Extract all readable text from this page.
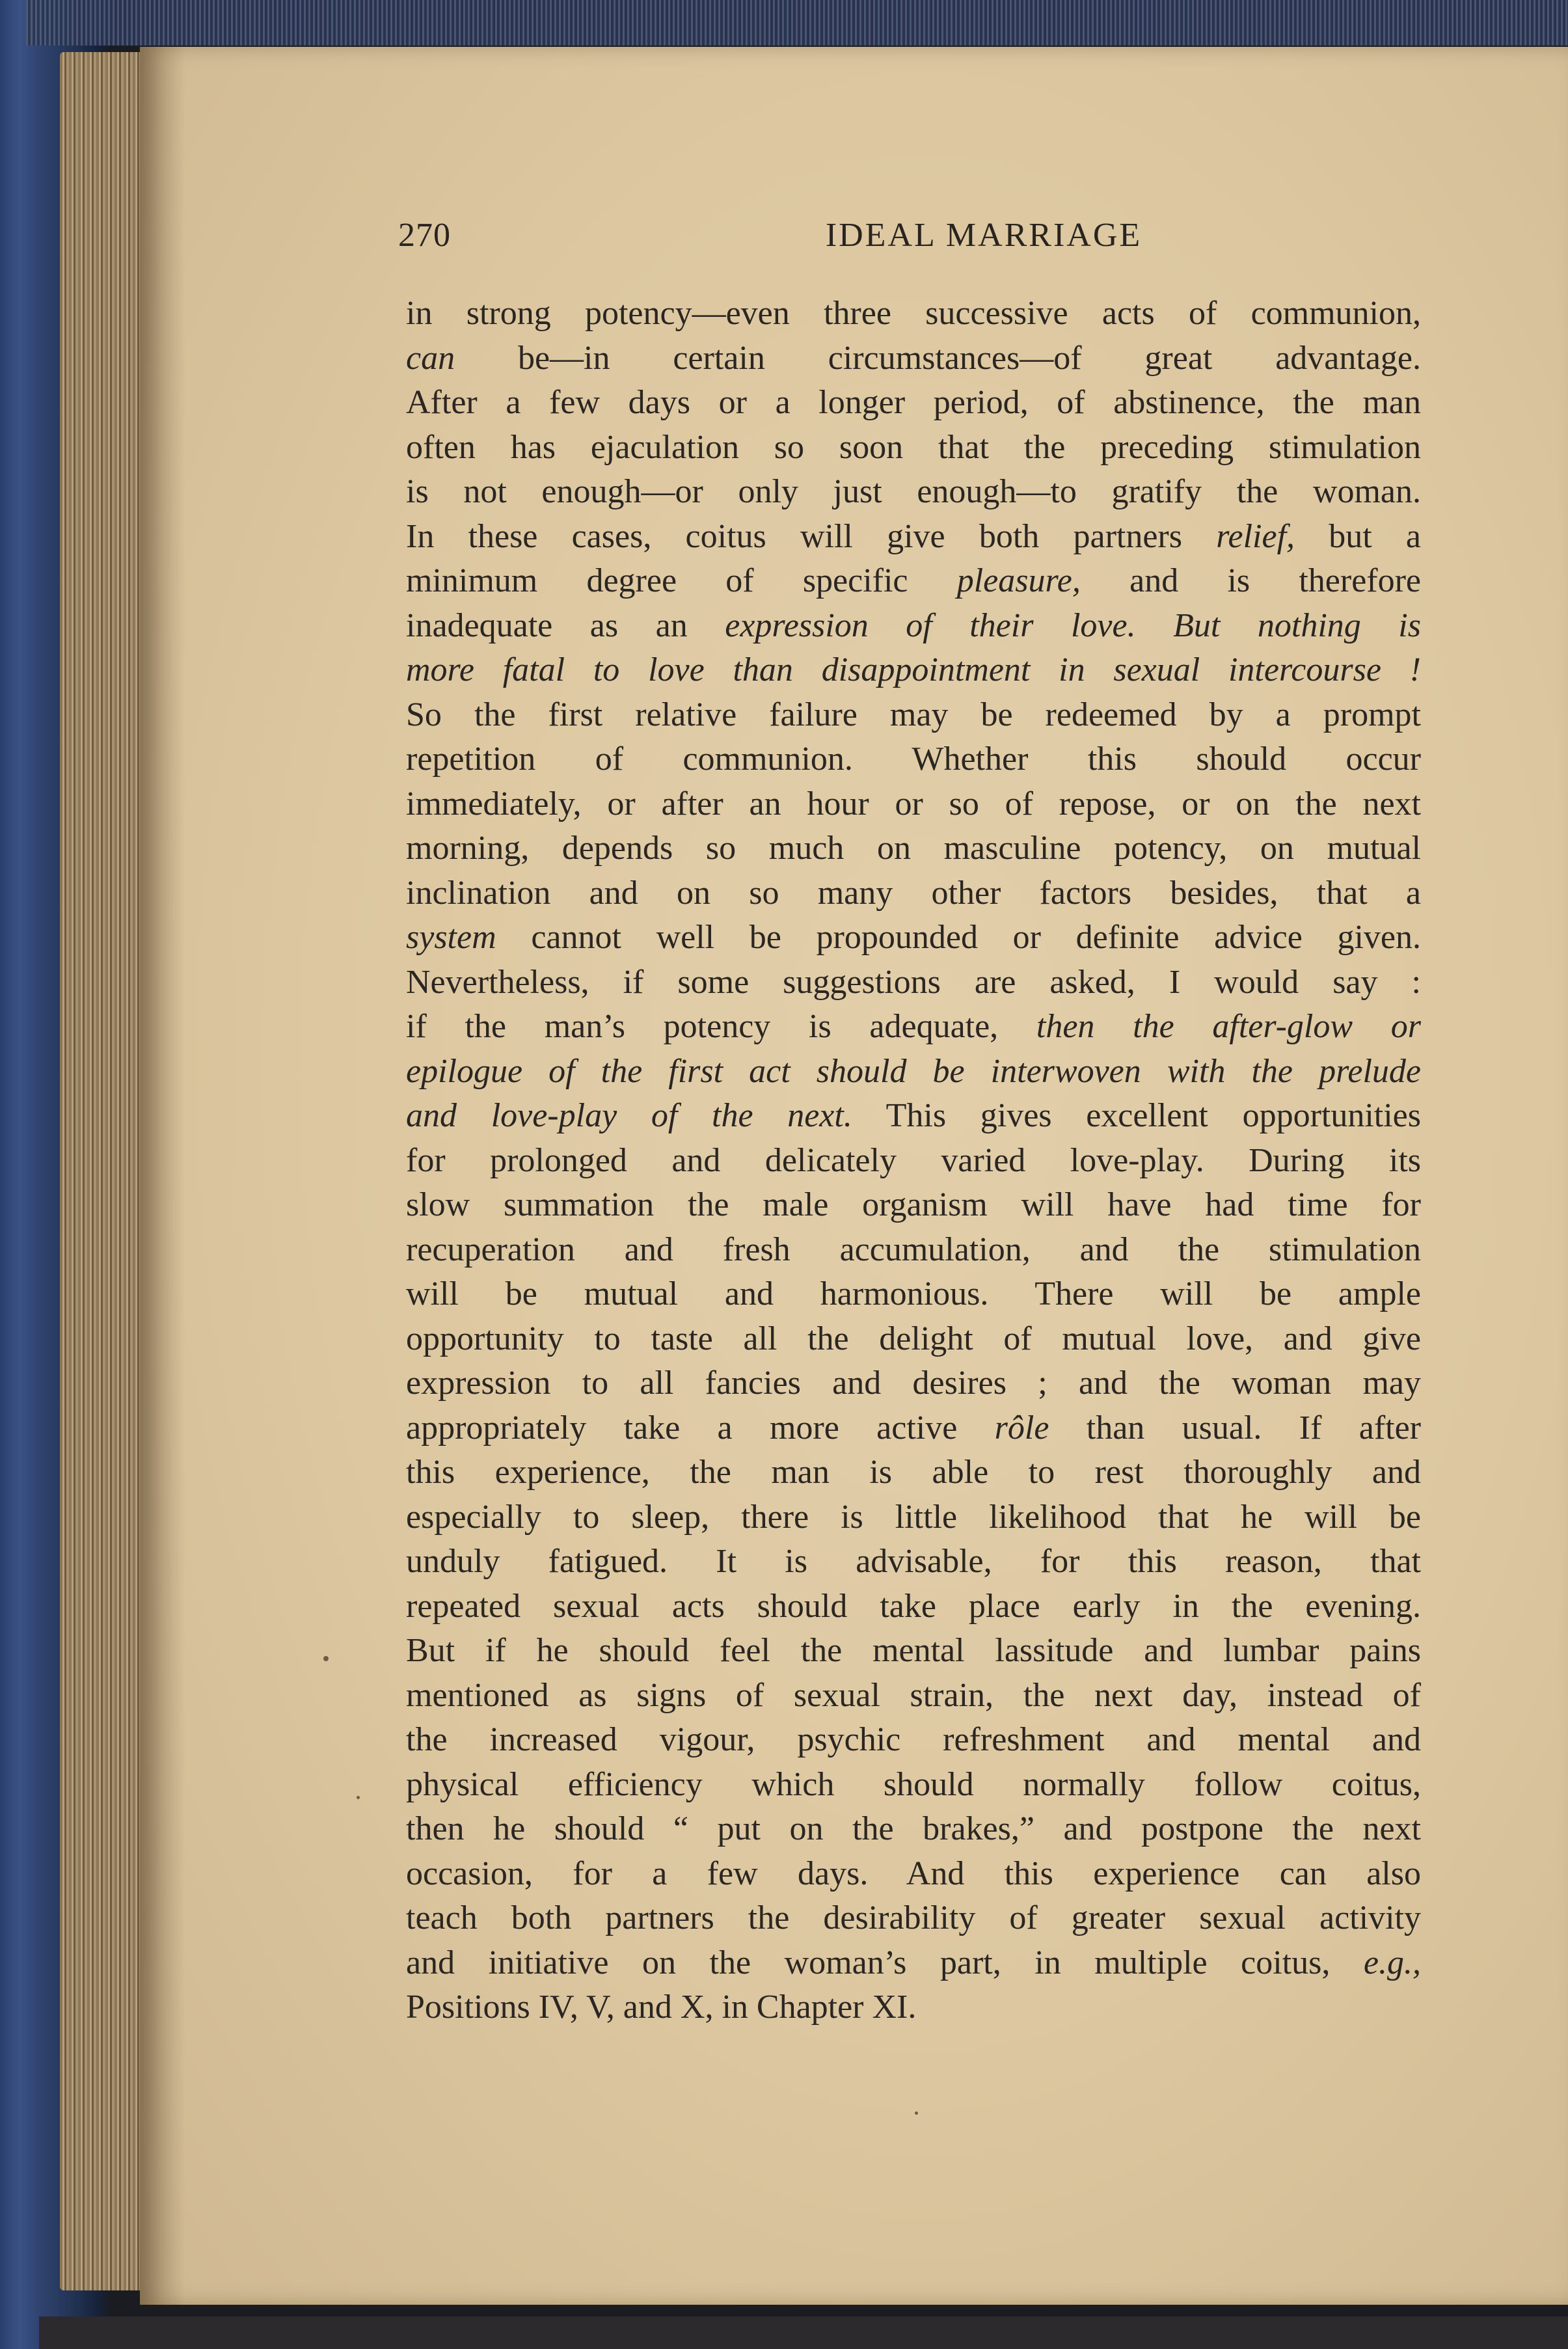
270	IDEAL MARRIAGE
in strong potency—even three successive acts of communion,
can be—in certain circumstances—of great advantage.
After a few days or a longer period, of abstinence, the man
often has ejaculation so soon that the preceding stimulation
is not enough—or only just enough—to gratify the woman.
In these cases, coitus will give both partners relief, but a
minimum degree of specific pleasure, and is therefore
inadequate as an expression of their love. But nothing is
more fatal to love than disappointment in sexual intercourse !
So the first relative failure may be redeemed by a prompt
repetition of communion. Whether this should occur
immediately, or after an hour or so of repose, or on the next
morning, depends so much on masculine potency, on mutual
inclination and on so many other factors besides, that a
system cannot well be propounded or definite advice given.
Nevertheless, if some suggestions are asked, I would say :
if the man’s potency is adequate, then the after-glow or
epilogue of the first act should be interwoven with the prelude
and love-play of the next. This gives excellent opportunities
for prolonged and delicately varied love-play. During its
slow summation the male organism will have had time for
recuperation and fresh accumulation, and the stimulation
will be mutual and harmonious. There will be ample
opportunity to taste all the delight of mutual love, and give
expression to all fancies and desires ; and the woman may
appropriately take a more active rôle than usual. If after
this experience, the man is able to rest thoroughly and
especially to sleep, there is little likelihood that he will be
unduly fatigued. It is advisable, for this reason, that
repeated sexual acts should take place early in the evening.
But if he should feel the mental lassitude and lumbar pains
mentioned as signs of sexual strain, the next day, instead of
the increased vigour, psychic refreshment and mental and
physical efficiency which should normally follow coitus,
then he should “ put on the brakes,” and postpone the next
occasion, for a few days. And this experience can also
teach both partners the desirability of greater sexual activity
and initiative on the woman’s part, in multiple coitus, e.g.,
Positions IV, V, and X, in Chapter XI.
